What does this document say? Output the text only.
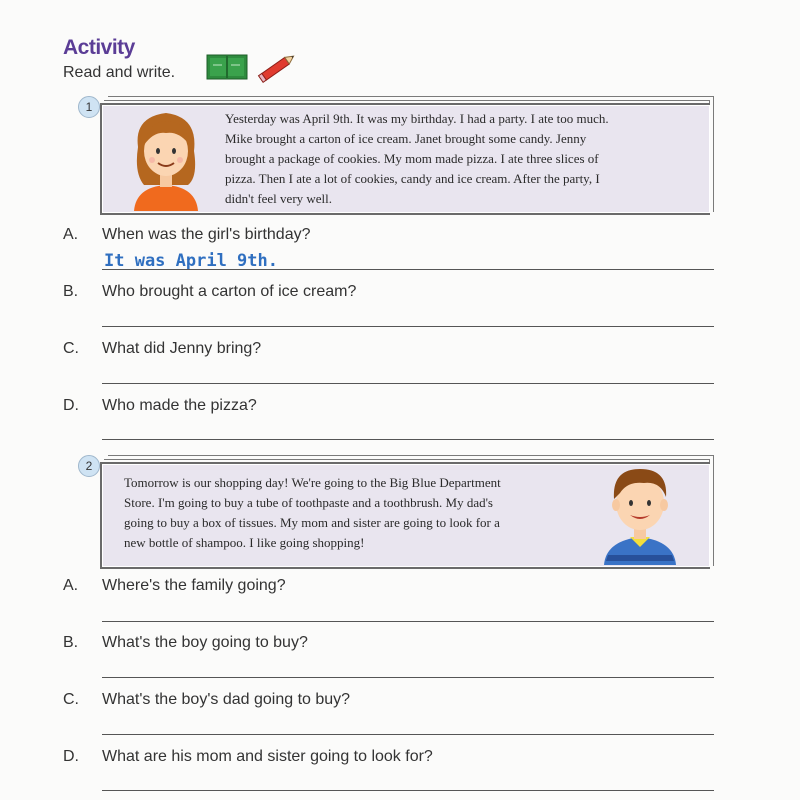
Activity
Read and write.
1
Yesterday was April 9th. It was my birthday. I had a party. I ate too much.
Mike brought a carton of ice cream. Janet brought some candy. Jenny
brought a package of cookies. My mom made pizza. I ate three slices of
pizza. Then I ate a lot of cookies, candy and ice cream. After the party, I
didn't feel very well.
A. When was the girl's birthday?
It was April 9th.
B. Who brought a carton of ice cream?
C. What did Jenny bring?
D. Who made the pizza?
2
Tomorrow is our shopping day! We're going to the Big Blue Department
Store. I'm going to buy a tube of toothpaste and a toothbrush. My dad's
going to buy a box of tissues. My mom and sister are going to look for a
new bottle of shampoo. I like going shopping!
A. Where's the family going?
B. What's the boy going to buy?
C. What's the boy's dad going to buy?
D. What are his mom and sister going to look for?
